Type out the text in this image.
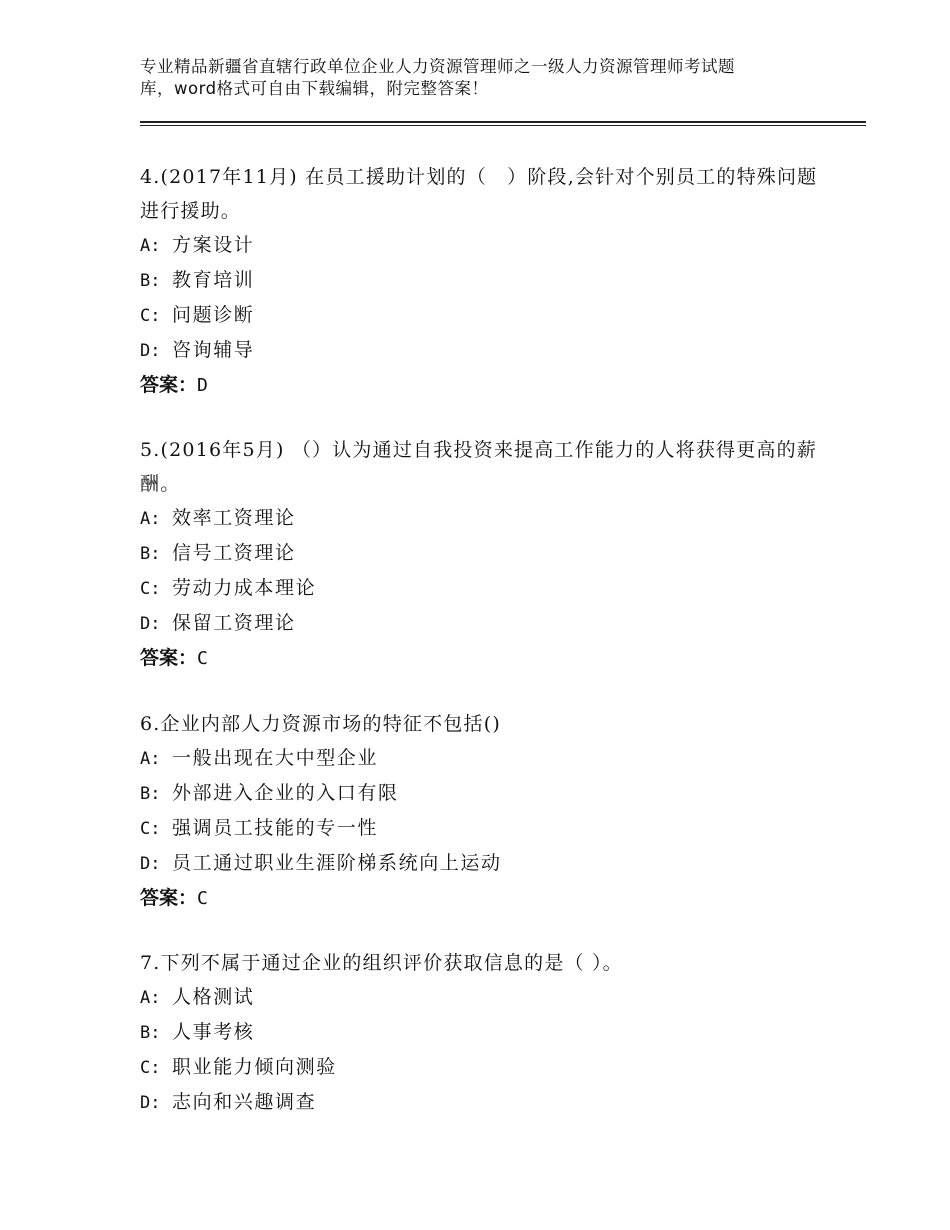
专业精品新疆省直辖行政单位企业人力资源管理师之一级人力资源管理师考试题
库，word格式可自由下载编辑，附完整答案！

4.(2017年11月) 在员工援助计划的（　）阶段,会针对个别员工的特殊问题进行援助。

A: 方案设计

B: 教育培训

C: 问题诊断

D: 咨询辅导

答案：D

5.(2016年5月) （）认为通过自我投资来提高工作能力的人将获得更高的薪酬。

A: 效率工资理论

B: 信号工资理论

C: 劳动力成本理论

D: 保留工资理论

答案：C

6.企业内部人力资源市场的特征不包括()

A: 一般出现在大中型企业

B: 外部进入企业的入口有限

C: 强调员工技能的专一性

D: 员工通过职业生涯阶梯系统向上运动

答案：C

7.下列不属于通过企业的组织评价获取信息的是（ ）。

A: 人格测试

B: 人事考核

C: 职业能力倾向测验

D: 志向和兴趣调查
